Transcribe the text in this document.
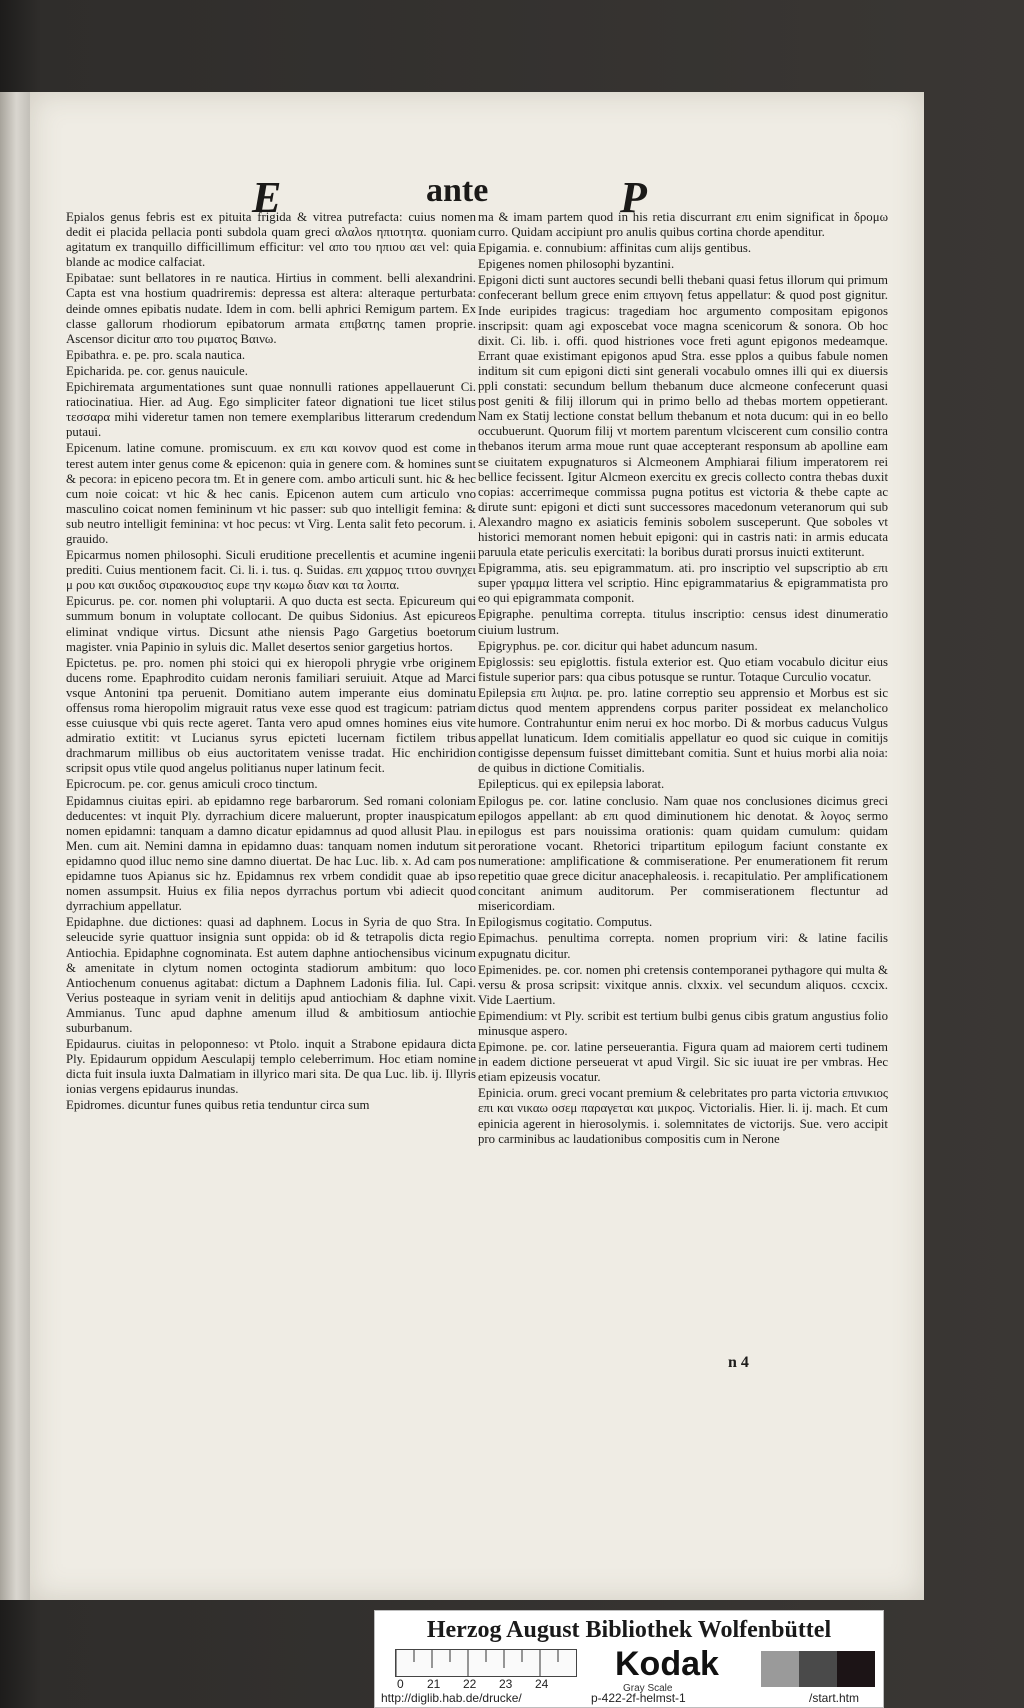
E	ante	P

Epialos genus febris est ex pituita frigida & vitrea putrefacta: cuius nomen dedit ei placida pellacia ponti subdola quam greci αλαλοs ηπιοτητα. quoniam agitatum ex tranquillo difficillimum efficitur: vel απο του ηπιου αει vel: quia blande ac modice calfaciat.

Epibatae: sunt bellatores in re nautica. Hirtius in comment. belli alexandrini. Capta est vna hostium quadriremis: depressa est altera: alteraque perturbata: deinde omnes epibatis nudate. Idem in com. belli aphrici Remigum partem. Ex classe gallorum rhodiorum epibatorum armata επιβατης tamen proprie. Ascensor dicitur απο του ριματος Βαινω.

Epibathra. e. pe. pro. scala nautica.

Epicharida. pe. cor. genus nauicule.

Epichiremata argumentationes sunt quae nonnulli rationes appellauerunt Ci. ratiocinatiua. Hier. ad Aug. Ego simpliciter fateor dignationi tue licet stilus τεσσαρα mihi videretur tamen non temere exemplaribus litterarum credendum putaui.

Epicenum. latine comune. promiscuum. ex επι και κοινον quod est come in terest autem inter genus come & epicenon: quia in genere com. & homines sunt & pecora: in epiceno pecora tm. Et in genere com. ambo articuli sunt. hic & hec cum noie coicat: vt hic & hec canis. Epicenon autem cum articulo vno masculino coicat nomen femininum vt hic passer: sub quo intelligit femina: & sub neutro intelligit feminina: vt hoc pecus: vt Virg. Lenta salit feto pecorum. i. grauido.

Epicarmus nomen philosophi. Siculi eruditione precellentis et acumine ingenii prediti. Cuius mentionem facit. Ci. li. i. tus. q. Suidas. επι χαρμος τιτου συνηχει μ ρου και σικιδος σιρακουσιος ευρε την κωμω διαν και τα λοιπα.

Epicurus. pe. cor. nomen phi voluptarii. A quo ducta est secta. Epicureum qui summum bonum in voluptate collocant. De quibus Sidonius. Ast epicureos eliminat vndique virtus. Dicsunt athe niensis Pago Gargetius boetorum magister. vnia Papinio in syluis dic. Mallet desertos senior gargetius hortos.

Epictetus. pe. pro. nomen phi stoici qui ex hieropoli phrygie vrbe originem ducens rome. Epaphrodito cuidam neronis familiari seruiuit. Atque ad Marci vsque Antonini tpa peruenit. Domitiano autem imperante eius dominatu offensus roma hieropolim migrauit ratus vexe esse quod est tragicum: patriam esse cuiusque vbi quis recte ageret. Tanta vero apud omnes homines eius vite admiratio extitit: vt Lucianus syrus epicteti lucernam fictilem tribus drachmarum millibus ob eius auctoritatem venisse tradat. Hic enchiridion scripsit opus vtile quod angelus politianus nuper latinum fecit.

Epicrocum. pe. cor. genus amiculi croco tinctum.

Epidamnus ciuitas epiri. ab epidamno rege barbarorum. Sed romani coloniam deducentes: vt inquit Ply. dyrrachium dicere maluerunt, propter inauspicatum nomen epidamni: tanquam a damno dicatur epidamnus ad quod allusit Plau. in Men. cum ait. Nemini damna in epidamno duas: tanquam nomen indutum sit epidamno quod illuc nemo sine damno diuertat. De hac Luc. lib. x. Ad cam pos epidamne tuos Apianus sic hz. Epidamnus rex vrbem condidit quae ab ipso nomen assumpsit. Huius ex filia nepos dyrrachus portum vbi adiecit quod dyrrachium appellatur.

Epidaphne. due dictiones: quasi ad daphnem. Locus in Syria de quo Stra. In seleucide syrie quattuor insignia sunt oppida: ob id & tetrapolis dicta regio Antiochia. Epidaphne cognominata. Est autem daphne antiochensibus vicinum & amenitate in clytum nomen octoginta stadiorum ambitum: quo loco Antiochenum conuenus agitabat: dictum a Daphnem Ladonis filia. Iul. Capi. Verius posteaque in syriam venit in delitijs apud antiochiam & daphne vixit. Ammianus. Tunc apud daphne amenum illud & ambitiosum antiochie suburbanum.

Epidaurus. ciuitas in peloponneso: vt Ptolo. inquit a Strabone epidaura dicta Ply. Epidaurum oppidum Aesculapij templo celeberrimum. Hoc etiam nomine dicta fuit insula iuxta Dalmatiam in illyrico mari sita. De qua Luc. lib. ij. Illyris ionias vergens epidaurus inundas.

Epidromes. dicuntur funes quibus retia tenduntur circa sum

ma & imam partem quod in his retia discurrant επι enim significat in δρομω curro. Quidam accipiunt pro anulis quibus cortina chorde apenditur.

Epigamia. e. connubium: affinitas cum alijs gentibus.

Epigenes nomen philosophi byzantini.

Epigoni dicti sunt auctores secundi belli thebani quasi fetus illorum qui primum confecerant bellum grece enim επιγονη fetus appellatur: & quod post gignitur. Inde euripides tragicus: tragediam hoc argumento compositam epigonos inscripsit: quam agi exposcebat voce magna scenicorum & sonora. Ob hoc dixit. Ci. lib. i. offi. quod histriones voce freti agunt epigonos medeamque. Errant quae existimant epigonos apud Stra. esse pplos a quibus fabule nomen inditum sit cum epigoni dicti sint generali vocabulo omnes illi qui ex diuersis ppli constati: secundum bellum thebanum duce alcmeone confecerunt quasi post geniti & filij illorum qui in primo bello ad thebas mortem oppetierant. Nam ex Statij lectione constat bellum thebanum et nota ducum: qui in eo bello occubuerunt. Quorum filij vt mortem parentum vlciscerent cum consilio contra thebanos iterum arma moue runt quae accepterant responsum ab apolline eam se ciuitatem expugnaturos si Alcmeonem Amphiarai filium imperatorem rei bellice fecissent. Igitur Alcmeon exercitu ex grecis collecto contra thebas duxit copias: accerrimeque commissa pugna potitus est victoria & thebe capte ac dirute sunt: epigoni et dicti sunt successores macedonum veteranorum qui sub Alexandro magno ex asiaticis feminis sobolem susceperunt. Que soboles vt historici memorant nomen hebuit epigoni: qui in castris nati: in armis educata paruula etate periculis exercitati: la boribus durati prorsus inuicti extiterunt.

Epigramma, atis. seu epigrammatum. ati. pro inscriptio vel supscriptio ab επι super γραμμα littera vel scriptio. Hinc epigrammatarius & epigrammatista pro eo qui epigrammata componit.

Epigraphe. penultima correpta. titulus inscriptio: census idest dinumeratio ciuium lustrum.

Epigryphus. pe. cor. dicitur qui habet aduncum nasum.

Epiglossis: seu epiglottis. fistula exterior est. Quo etiam vocabulo dicitur eius fistule superior pars: qua cibus potusque se runtur. Totaque Curculio vocatur.

Epilepsia επι λιψια. pe. pro. latine correptio seu apprensio et Morbus est sic dictus quod mentem apprendens corpus pariter possideat ex melancholico humore. Contrahuntur enim nerui ex hoc morbo. Di & morbus caducus Vulgus appellat lunaticum. Idem comitialis appellatur eo quod sic cuique in comitijs contigisse depensum fuisset dimittebant comitia. Sunt et huius morbi alia noia: de quibus in dictione Comitialis.

Epilepticus. qui ex epilepsia laborat.

Epilogus pe. cor. latine conclusio. Nam quae nos conclusiones dicimus greci epilogos appellant: ab επι quod diminutionem hic denotat. & λογος sermo epilogus est pars nouissima orationis: quam quidam cumulum: quidam peroratione vocant. Rhetorici tripartitum epilogum faciunt constante ex numeratione: amplificatione & commiseratione. Per enumerationem fit rerum repetitio quae grece dicitur anacephaleosis. i. recapitulatio. Per amplificationem concitant animum auditorum. Per commiserationem flectuntur ad misericordiam.

Epilogismus cogitatio. Computus.

Epimachus. penultima correpta. nomen proprium viri: & latine facilis expugnatu dicitur.

Epimenides. pe. cor. nomen phi cretensis contemporanei pythagore qui multa & versu & prosa scripsit: vixitque annis. clxxix. vel secundum aliquos. ccxcix. Vide Laertium.

Epimendium: vt Ply. scribit est tertium bulbi genus cibis gratum angustius folio minusque aspero.

Epimone. pe. cor. latine perseuerantia. Figura quam ad maiorem certi tudinem in eadem dictione perseuerat vt apud Virgil. Sic sic iuuat ire per vmbras. Hec etiam epizeusis vocatur.

Epinicia. orum. greci vocant premium & celebritates pro parta victoria επινικιος επι και νικαω οσεμ παραγεται και μικρος. Victorialis. Hier. li. ij. mach. Et cum epinicia agerent in hierosolymis. i. solemnitates de victorijs. Sue. vero accipit pro carminibus ac laudationibus compositis cum in Nerone

n 4
Herzog August Bibliothek Wolfenbüttel
0 21 22 23 24
Kodak
Gray Scale
http://diglib.hab.de/drucke/	p-422-2f-helmst-1	/start.htm
